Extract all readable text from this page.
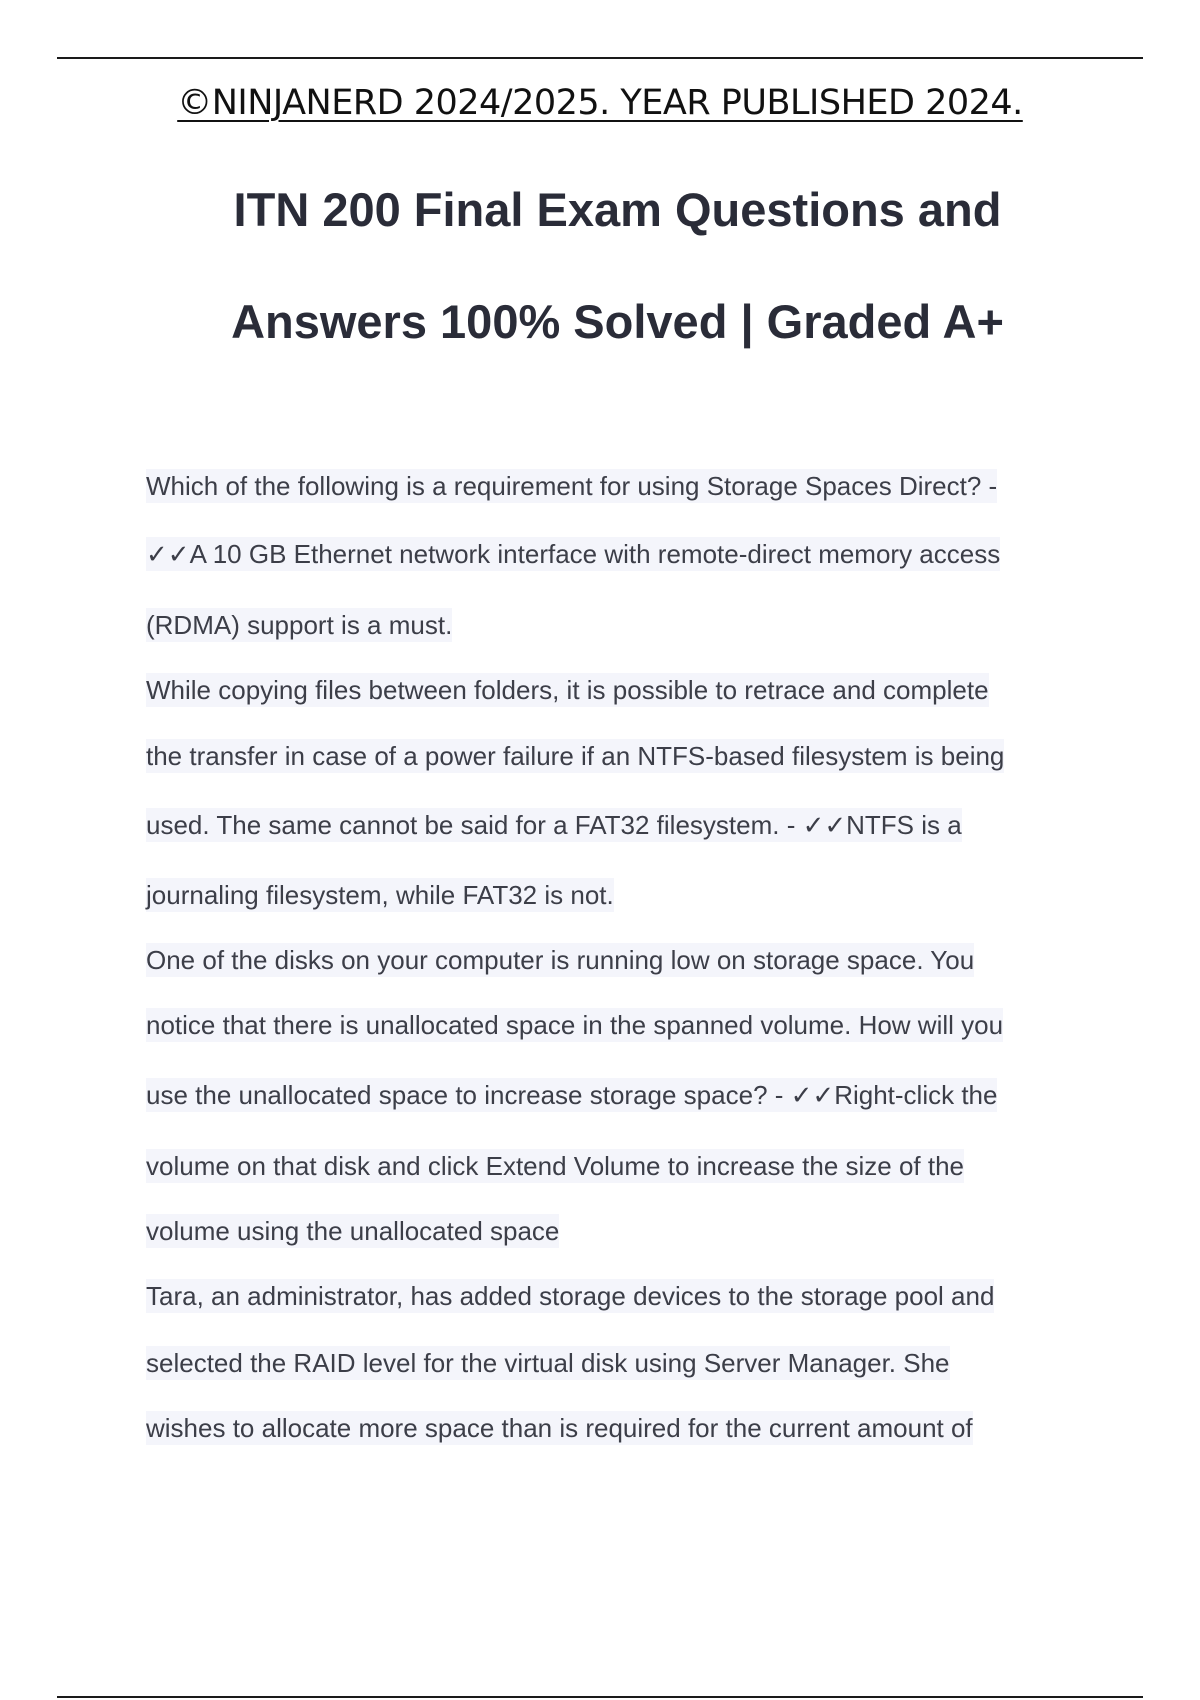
©NINJANERD 2024/2025. YEAR PUBLISHED 2024.
ITN 200 Final Exam Questions and
Answers 100% Solved | Graded A+
Which of the following is a requirement for using Storage Spaces Direct? -
✓✓A 10 GB Ethernet network interface with remote-direct memory access
(RDMA) support is a must.
While copying files between folders, it is possible to retrace and complete
the transfer in case of a power failure if an NTFS-based filesystem is being
used. The same cannot be said for a FAT32 filesystem. - ✓✓NTFS is a
journaling filesystem, while FAT32 is not.
One of the disks on your computer is running low on storage space. You
notice that there is unallocated space in the spanned volume. How will you
use the unallocated space to increase storage space? - ✓✓Right-click the
volume on that disk and click Extend Volume to increase the size of the
volume using the unallocated space
Tara, an administrator, has added storage devices to the storage pool and
selected the RAID level for the virtual disk using Server Manager. She
wishes to allocate more space than is required for the current amount of
